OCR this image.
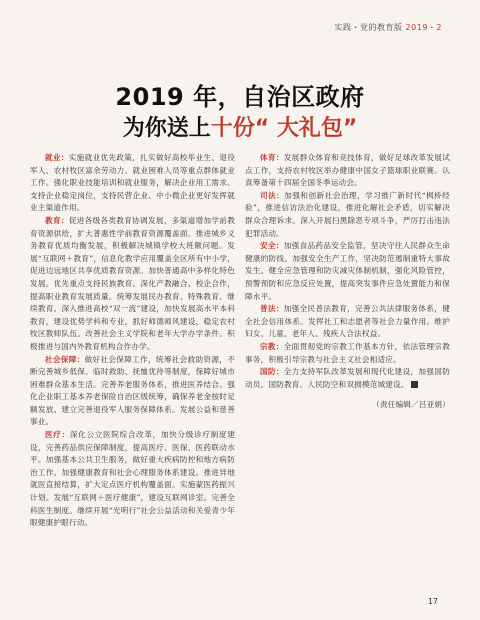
实践・党的教育版 2019・2
2019 年，自治区政府
为你送上十份“ 大礼包”

就业：实施就业优先政策，扎实做好高校毕业生、退役军人、农村牧区富余劳动力、就业困难人员等重点群体就业工作。强化职业技能培训和就业服务，解决企业用工需求。支持企业稳定岗位，支持民营企业、中小微企业更好发挥就业主渠道作用。

教育：促进各级各类教育协调发展，多渠道增加学前教育资源供给，扩大普惠性学前教育资源覆盖面。推进城乡义务教育优质均衡发展，积极解决城镇学校大班额问题。发展“互联网＋教育”，信息化教学应用覆盖全区所有中小学，促进边远地区共享优质教育资源。加快普通高中多样化特色发展。优先重点支持民族教育。深化产教融合、校企合作，提高职业教育发展质量。统筹发展民办教育、特殊教育、继续教育。深入推进高校“双一流”建设，加快发展高水平本科教育，建设优势学科和专业。抓好师德师风建设，稳定农村牧区教师队伍。改善社会主义学院和老年大学办学条件。积极推进与国内外教育机构合作办学。

社会保障：做好社会保障工作，统筹社会救助资源，不断完善城乡低保、临时救助、抚恤优待等制度，保障好城市困难群众基本生活。完善养老服务体系，推进医养结合。强化企业职工基本养老保险自治区级统筹，确保养老金按时足额发放。建立完善退役军人服务保障体系。发展公益和慈善事业。

医疗：深化公立医院综合改革，加快分级诊疗制度建设，完善药品供应保障制度，提高医疗、医保、医药联动水平。加强基本公共卫生服务，做好重大疾病防控和地方病防治工作。加强健康教育和社会心理服务体系建设。推进异地就医直接结算，扩大定点医疗机构覆盖面。实施蒙医药振兴计划。发展“互联网＋医疗健康”，建设互联网诊室。完善全科医生制度。继续开展“光明行”社会公益活动和关爱青少年眼健康护眼行动。

体育：发展群众体育和竞技体育，做好足球改革发展试点工作，支持农村牧区举办健康中国女子篮球职业联赛。认真筹备第十四届全国冬季运动会。

司法：加强和创新社会治理，学习推广新时代“枫桥经验”，推进信访法治化建设，推进化解社会矛盾，切实解决群众合理诉求。深入开展扫黑除恶专项斗争，严厉打击违法犯罪活动。

安全：加强食品药品安全监管，坚决守住人民群众生命健康的防线。加强安全生产工作，坚决防范遏制重特大事故发生。健全应急管理和防灾减灾体制机制，强化风险管控，预警预防和应急反应处置，提高突发事件应急处置能力和保障水平。

普法：加强全民普法教育，完善公共法律服务体系，健全社会信用体系。发挥社工和志愿者等社会力量作用。维护妇女、儿童、老年人、残疾人合法权益。

宗教：全面贯彻党的宗教工作基本方针，依法管理宗教事务，积极引导宗教与社会主义社会相适应。

国防：全力支持军队改革发展和现代化建设，加强国防动员、国防教育、人民防空和双拥模范城建设。

（责任编辑／吕亚娟）

17
